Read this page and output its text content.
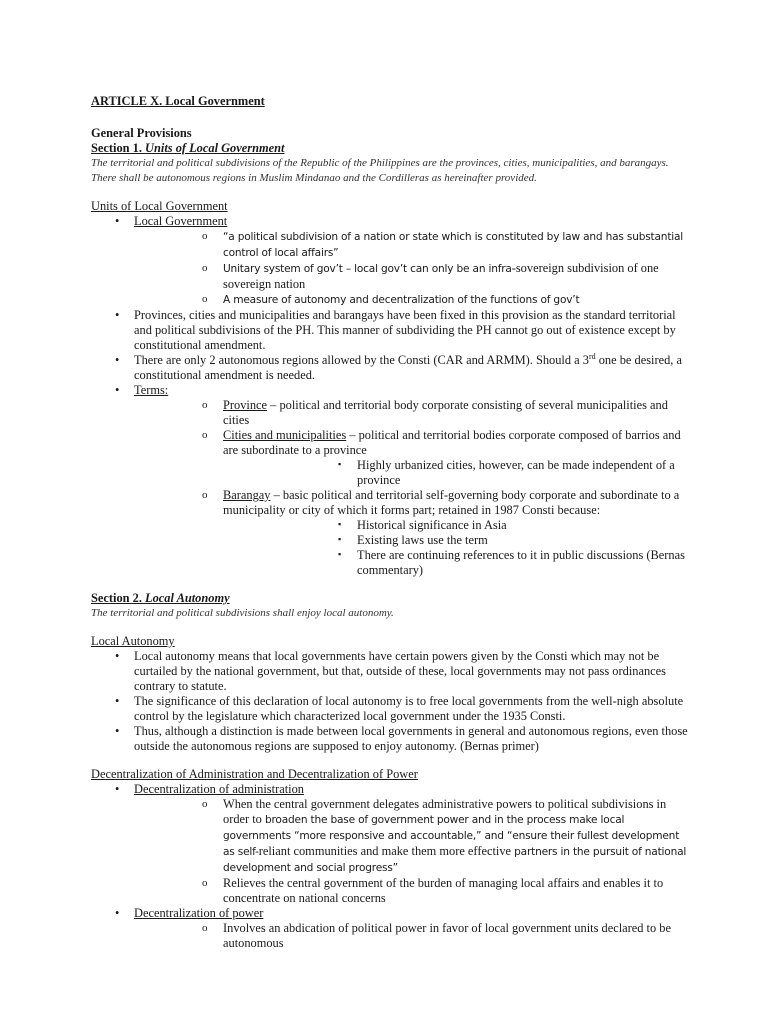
ARTICLE X. Local Government
General Provisions
Section 1. Units of Local Government
The territorial and political subdivisions of the Republic of the Philippines are the provinces, cities, municipalities, and barangays. There shall be autonomous regions in Muslim Mindanao and the Cordilleras as hereinafter provided.
Units of Local Government
• Local Government
o “a political subdivision of a nation or state which is constituted by law and has substantial control of local affairs”
o Unitary system of gov’t – local gov’t can only be an infra-sovereign subdivision of one sovereign nation
o A measure of autonomy and decentralization of the functions of gov’t
• Provinces, cities and municipalities and barangays have been fixed in this provision as the standard territorial and political subdivisions of the PH. This manner of subdividing the PH cannot go out of existence except by constitutional amendment.
• There are only 2 autonomous regions allowed by the Consti (CAR and ARMM). Should a 3rd one be desired, a constitutional amendment is needed.
• Terms:
o Province – political and territorial body corporate consisting of several municipalities and cities
o Cities and municipalities – political and territorial bodies corporate composed of barrios and are subordinate to a province
▪ Highly urbanized cities, however, can be made independent of a province
o Barangay – basic political and territorial self-governing body corporate and subordinate to a municipality or city of which it forms part; retained in 1987 Consti because:
▪ Historical significance in Asia
▪ Existing laws use the term
▪ There are continuing references to it in public discussions (Bernas commentary)
Section 2. Local Autonomy
The territorial and political subdivisions shall enjoy local autonomy.
Local Autonomy
• Local autonomy means that local governments have certain powers given by the Consti which may not be curtailed by the national government, but that, outside of these, local governments may not pass ordinances contrary to statute.
• The significance of this declaration of local autonomy is to free local governments from the well-nigh absolute control by the legislature which characterized local government under the 1935 Consti.
• Thus, although a distinction is made between local governments in general and autonomous regions, even those outside the autonomous regions are supposed to enjoy autonomy. (Bernas primer)
Decentralization of Administration and Decentralization of Power
• Decentralization of administration
o When the central government delegates administrative powers to political subdivisions in order to broaden the base of government power and in the process make local governments “more responsive and accountable,” and “ensure their fullest development as self-reliant communities and make them more effective partners in the pursuit of national development and social progress”
o Relieves the central government of the burden of managing local affairs and enables it to concentrate on national concerns
• Decentralization of power
o Involves an abdication of political power in favor of local government units declared to be autonomous
